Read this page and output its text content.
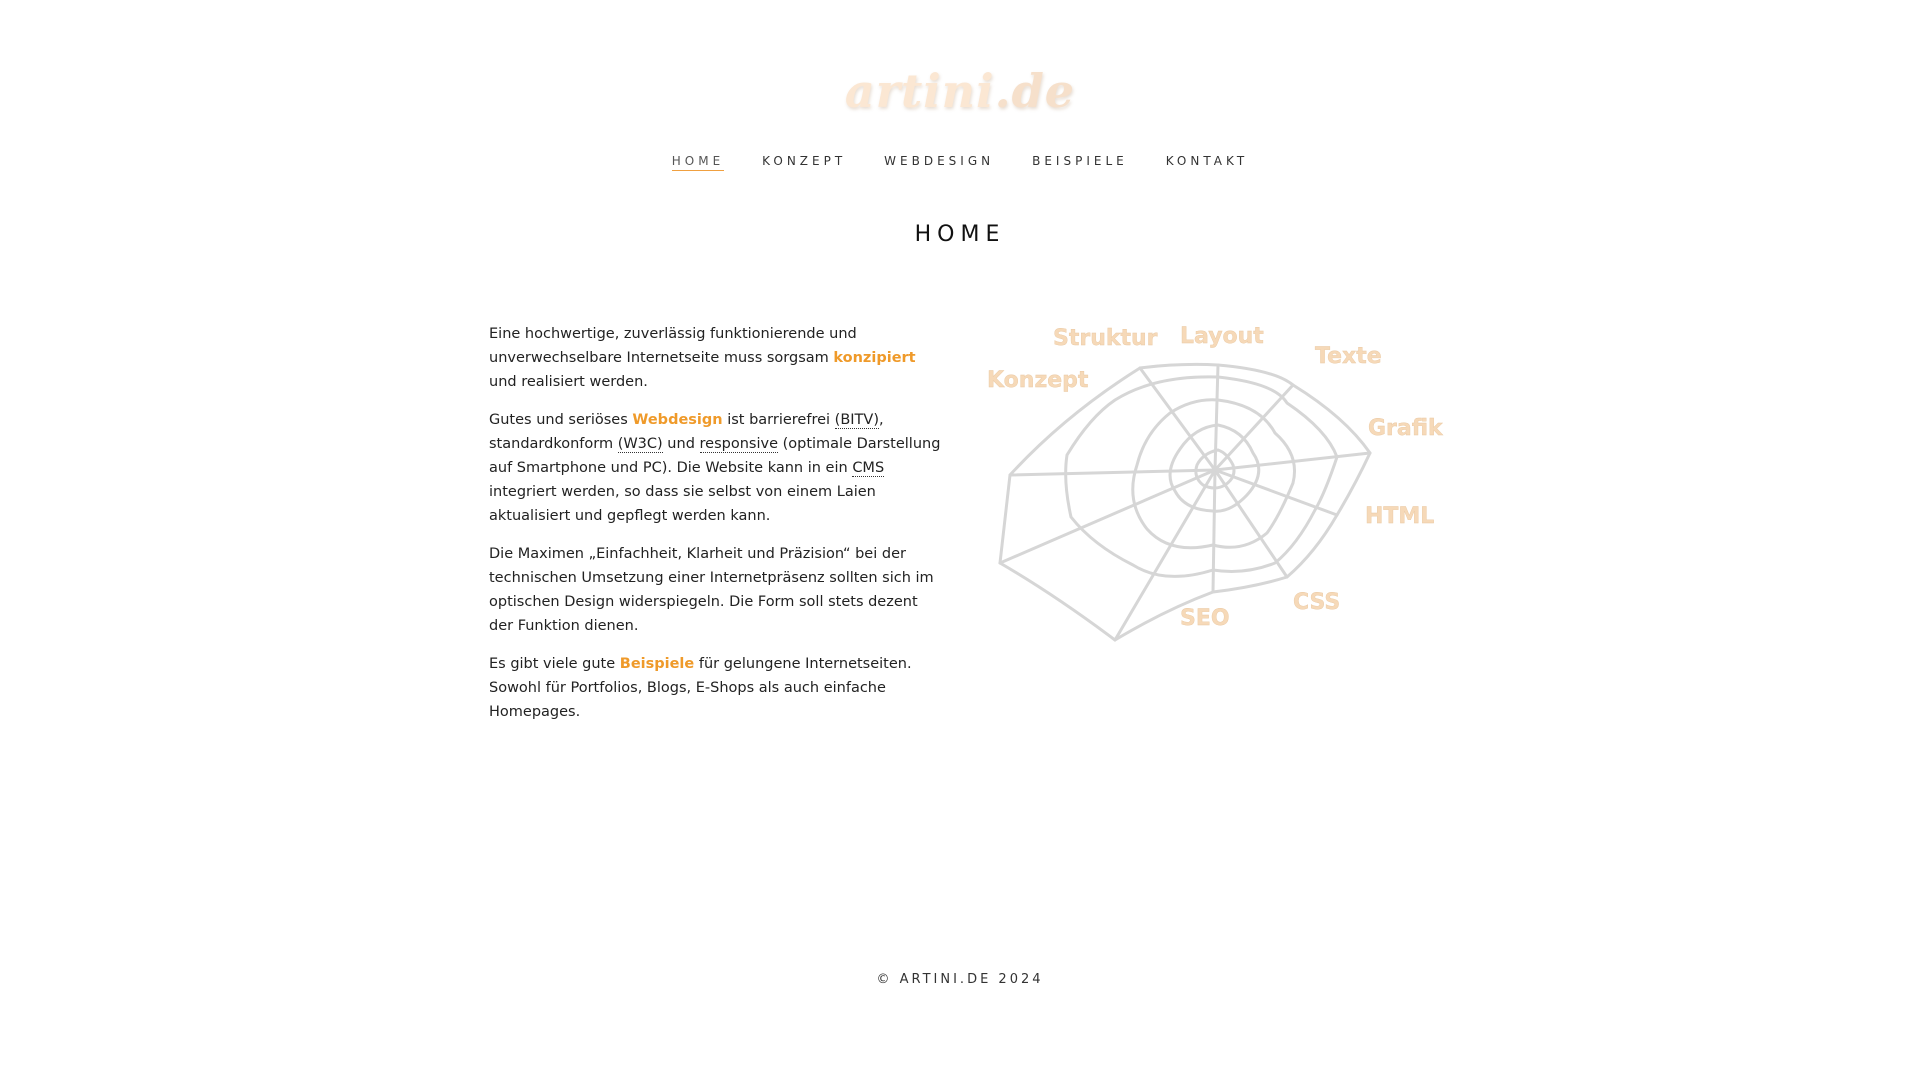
artini.de
HOME	KONZEPT	WEBDESIGN	BEISPIELE	KONTAKT
HOME

Eine hochwertige, zuverlässig funktionierende und unverwechselbare Internetseite muss sorgsam konzipiert und realisiert werden.

Gutes und seriöses Webdesign ist barrierefrei (BITV), standardkonform (W3C) und responsive (optimale Darstellung auf Smartphone und PC). Die Website kann in ein CMS integriert werden, so dass sie selbst von einem Laien aktualisiert und gepflegt werden kann.

Die Maximen „Einfachheit, Klarheit und Präzision“ bei der technischen Umsetzung einer Internetpräsenz sollten sich im optischen Design widerspiegeln. Die Form soll stets dezent der Funktion dienen.

Es gibt viele gute Beispiele für gelungene Internetseiten. Sowohl für Portfolios, Blogs, E-Shops als auch einfache Homepages.

Struktur Layout
Texte
Konzept
Grafik
HTML
CSS
SEO
© ARTINI.DE 2024
